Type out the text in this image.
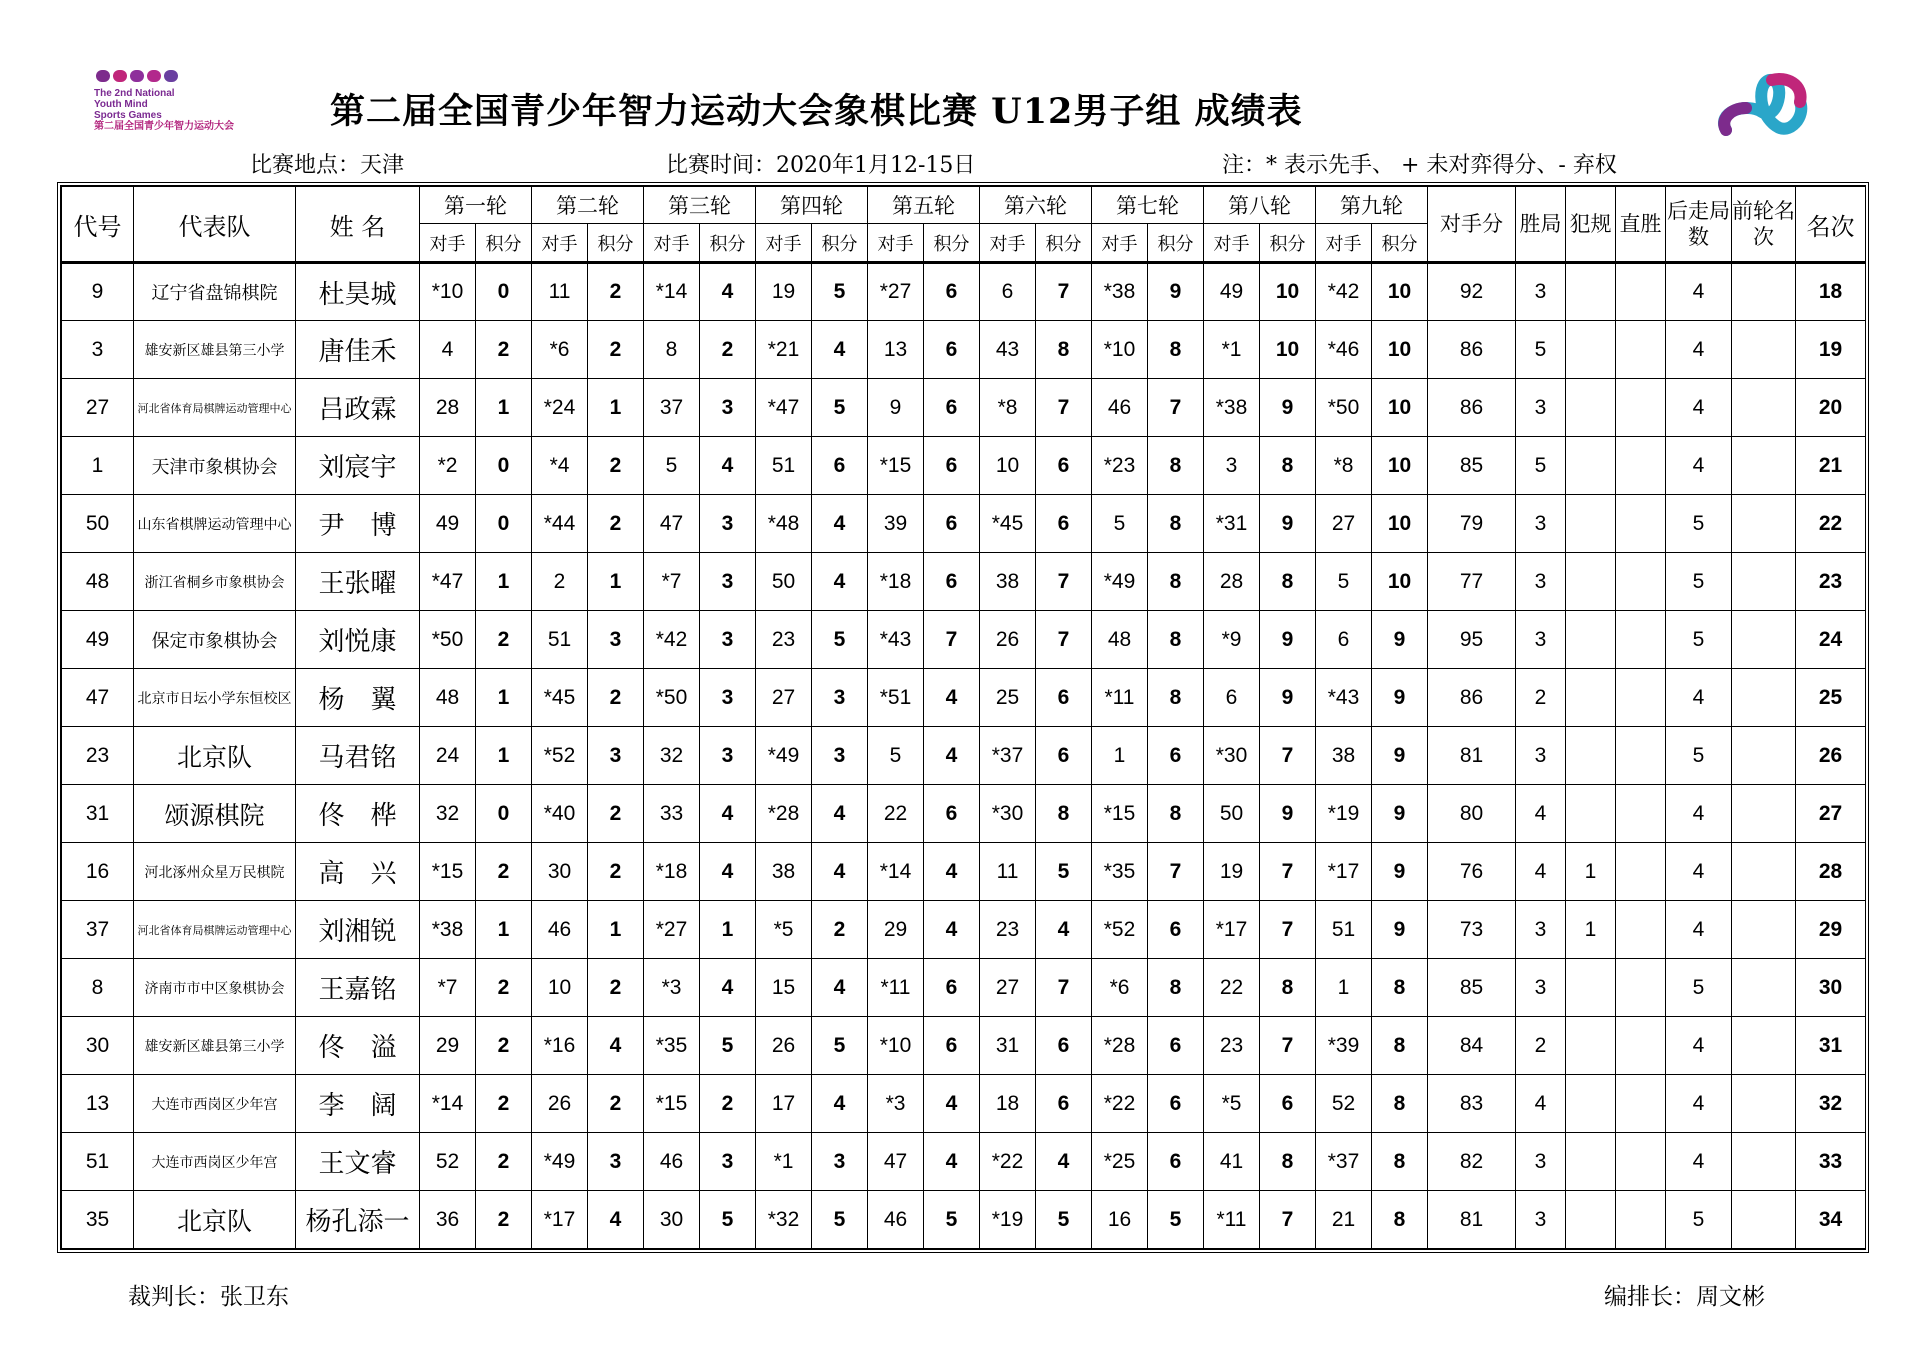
The 2nd National
Youth Mind
Sports Games
第二届全国青少年智力运动大会	第二届全国青少年智力运动大会象棋比赛 U12男子组 成绩表
比赛地点：天津	比赛时间：2020年1月12-15日	注：* 表示先手、 + 未对弈得分、- 弃权
代号	代表队	姓 名	第一轮		第二轮		第三轮		第四轮		第五轮		第六轮		第七轮		第八轮		第九轮		对手分	胜局	犯规	直胜	后走局数	前轮名次	名次
			对手	积分	对手	积分	对手	积分	对手	积分	对手	积分	对手	积分	对手	积分	对手	积分	对手	积分							
9	辽宁省盘锦棋院	杜昊城	*10	0	11	2	*14	4	19	5	*27	6	6	7	*38	9	49	10	*42	10	92	3			4		18
3	雄安新区雄县第三小学	唐佳禾	4	2	*6	2	8	2	*21	4	13	6	43	8	*10	8	*1	10	*46	10	86	5			4		19
27	河北省体育局棋牌运动管理中心	吕政霖	28	1	*24	1	37	3	*47	5	9	6	*8	7	46	7	*38	9	*50	10	86	3			4		20
1	天津市象棋协会	刘宸宇	*2	0	*4	2	5	4	51	6	*15	6	10	6	*23	8	3	8	*8	10	85	5			4		21
50	山东省棋牌运动管理中心	尹　博	49	0	*44	2	47	3	*48	4	39	6	*45	6	5	8	*31	9	27	10	79	3			5		22
48	浙江省桐乡市象棋协会	王张曜	*47	1	2	1	*7	3	50	4	*18	6	38	7	*49	8	28	8	5	10	77	3			5		23
49	保定市象棋协会	刘悦康	*50	2	51	3	*42	3	23	5	*43	7	26	7	48	8	*9	9	6	9	95	3			5		24
47	北京市日坛小学东恒校区	杨　翼	48	1	*45	2	*50	3	27	3	*51	4	25	6	*11	8	6	9	*43	9	86	2			4		25
23	北京队	马君铭	24	1	*52	3	32	3	*49	3	5	4	*37	6	1	6	*30	7	38	9	81	3			5		26
31	颂源棋院	佟　桦	32	0	*40	2	33	4	*28	4	22	6	*30	8	*15	8	50	9	*19	9	80	4			4		27
16	河北涿州众星万民棋院	高　兴	*15	2	30	2	*18	4	38	4	*14	4	11	5	*35	7	19	7	*17	9	76	4	1		4		28
37	河北省体育局棋牌运动管理中心	刘湘锐	*38	1	46	1	*27	1	*5	2	29	4	23	4	*52	6	*17	7	51	9	73	3	1		4		29
8	济南市市中区象棋协会	王嘉铭	*7	2	10	2	*3	4	15	4	*11	6	27	7	*6	8	22	8	1	8	85	3			5		30
30	雄安新区雄县第三小学	佟　溢	29	2	*16	4	*35	5	26	5	*10	6	31	6	*28	6	23	7	*39	8	84	2			4		31
13	大连市西岗区少年宫	李　阔	*14	2	26	2	*15	2	17	4	*3	4	18	6	*22	6	*5	6	52	8	83	4			4		32
51	大连市西岗区少年宫	王文睿	52	2	*49	3	46	3	*1	3	47	4	*22	4	*25	6	41	8	*37	8	82	3			4		33
35	北京队	杨孔添一	36	2	*17	4	30	5	*32	5	46	5	*19	5	16	5	*11	7	21	8	81	3			5		34
裁判长：张卫东	编排长：周文彬
